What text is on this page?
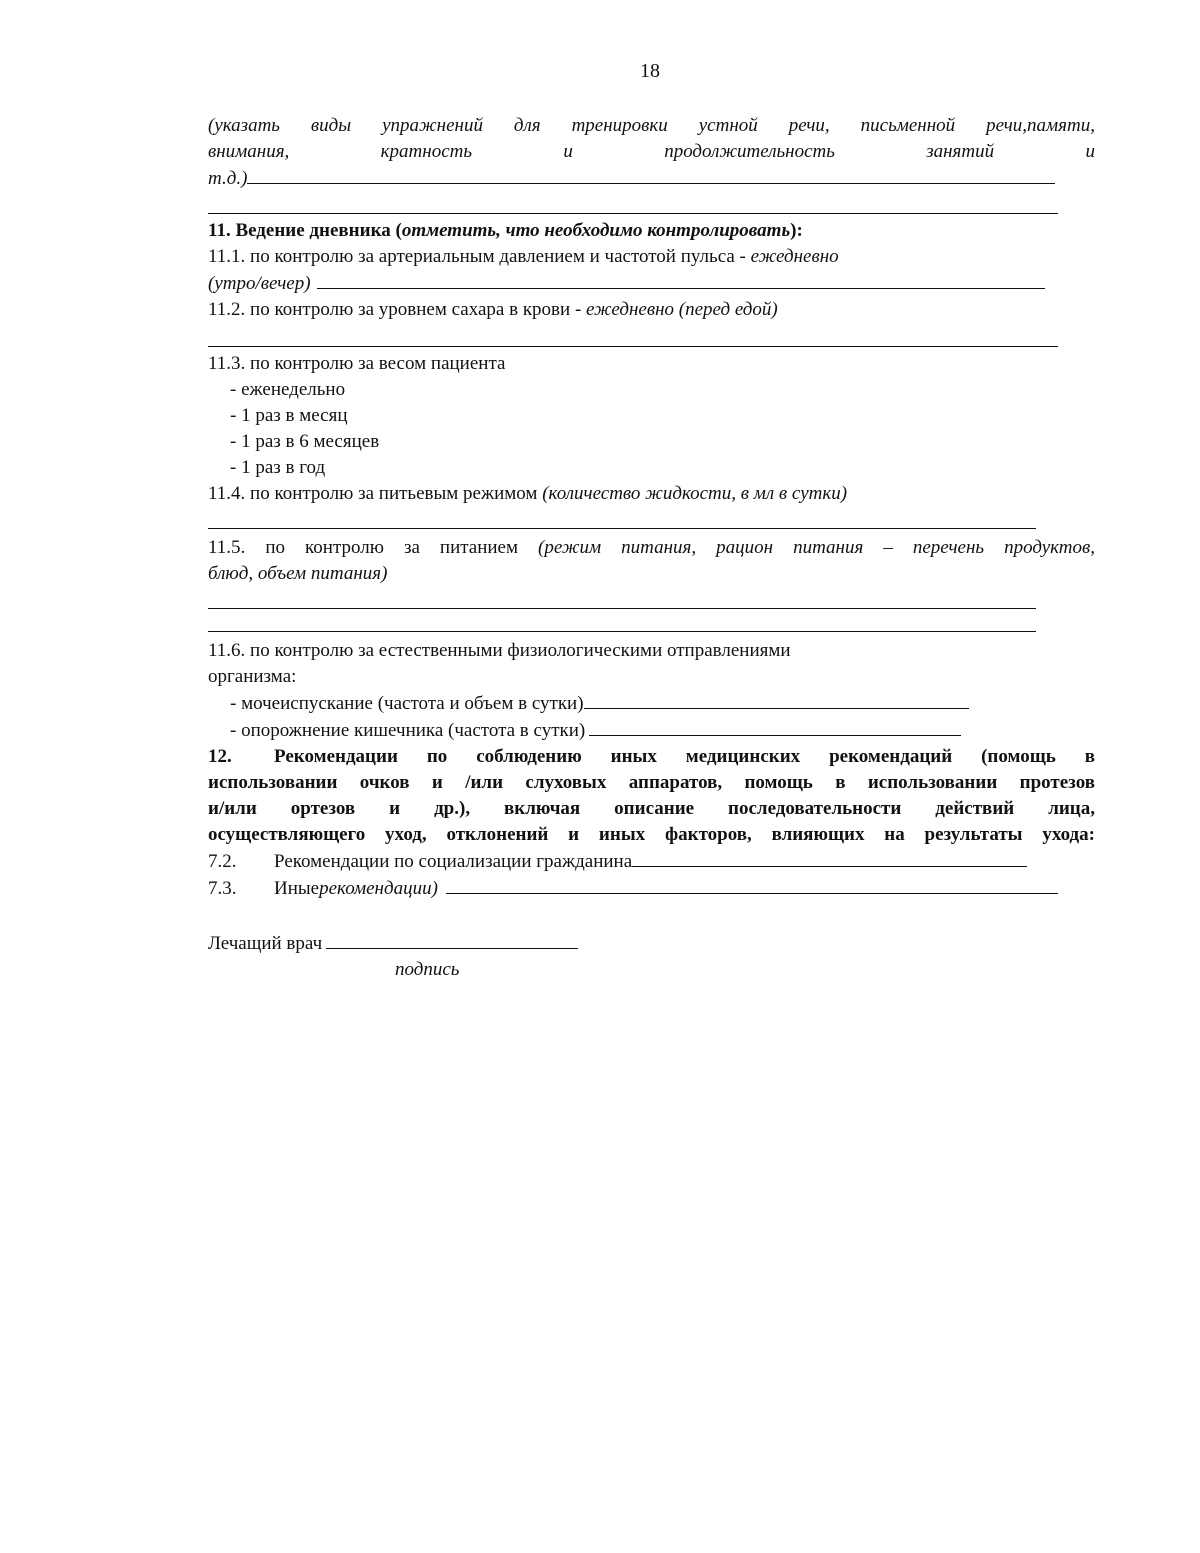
18
(указать виды упражнений для тренировки устной речи, письменной речи,памяти,
внимания,	кратность	и	продолжительность	занятий	и
т.д.)
11. Ведение дневника (отметить, что необходимо контролировать):
11.1. по контролю за артериальным давлением и частотой пульса - ежедневно
(утро/вечер)
11.2. по контролю за уровнем сахара в крови - ежедневно (перед едой)
11.3. по контролю за весом пациента
- еженедельно
- 1 раз в месяц
- 1 раз в 6 месяцев
- 1 раз в год
11.4. по контролю за питьевым режимом (количество жидкости, в мл в сутки)
11.5. по контролю за питанием (режим питания, рацион питания – перечень продуктов,
блюд, объем питания)
11.6. по контролю за естественными физиологическими отправлениями
организма:
- мочеиспускание (частота и объем в сутки)
- опорожнение кишечника (частота в сутки)
12.	Рекомендации по соблюдению иных медицинских рекомендаций (помощь в
использовании очков и /или слуховых аппаратов, помощь в использовании протезов
и/или ортезов и др.), включая описание последовательности действий лица,
осуществляющего уход, отклонений и иных факторов, влияющих на результаты ухода:
7.2.	Рекомендации по социализации гражданина
7.3.	Иные рекомендации)
Лечащий врач
подпись
